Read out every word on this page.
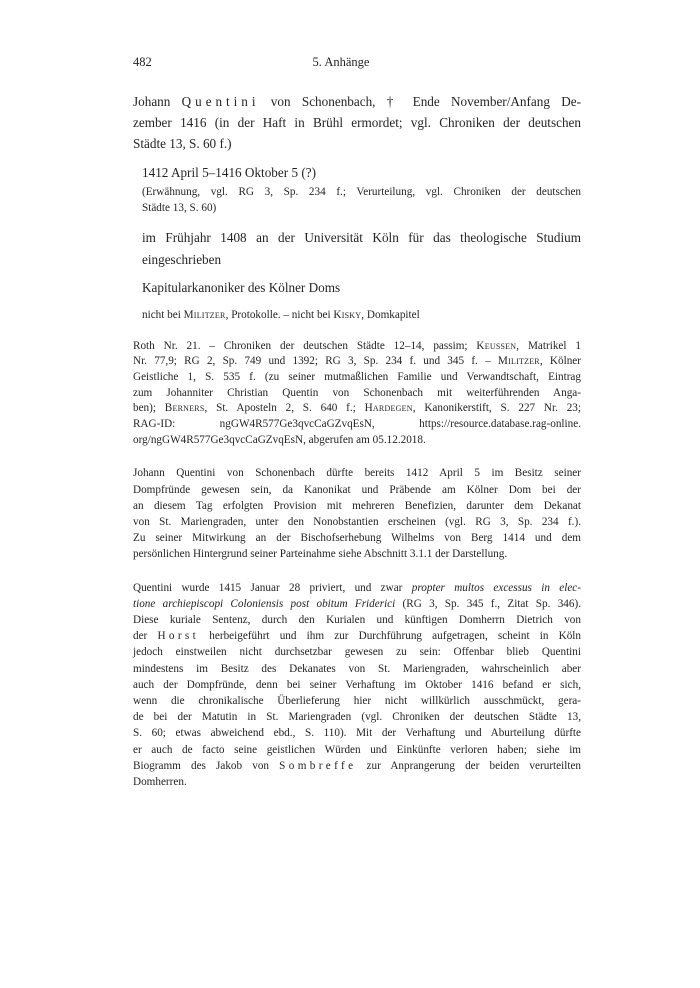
482	5. Anhänge
Johann Quentini von Schonenbach, † Ende November/Anfang De-
zember 1416 (in der Haft in Brühl ermordet; vgl. Chroniken der deutschen
Städte 13, S. 60 f.)
1412 April 5–1416 Oktober 5 (?)
(Erwähnung, vgl. RG 3, Sp. 234 f.; Verurteilung, vgl. Chroniken der deutschen
Städte 13, S. 60)
im Frühjahr 1408 an der Universität Köln für das theologische Studium
eingeschrieben
Kapitularkanoniker des Kölner Doms
nicht bei Militzer, Protokolle. – nicht bei Kisky, Domkapitel
Roth Nr. 21. – Chroniken der deutschen Städte 12–14, passim; Keussen, Matrikel 1
Nr. 77,9; RG 2, Sp. 749 und 1392; RG 3, Sp. 234 f. und 345 f. – Militzer, Kölner
Geistliche 1, S. 535 f. (zu seiner mutmaßlichen Familie und Verwandtschaft, Eintrag
zum Johanniter Christian Quentin von Schonenbach mit weiterführenden Anga-
ben); Berners, St. Aposteln 2, S. 640 f.; Hardegen, Kanonikerstift, S. 227 Nr. 23;
RAG-ID: ngGW4R577Ge3qvcCaGZvqEsN, https://resource.database.rag-online.
org/ngGW4R577Ge3qvcCaGZvqEsN, abgerufen am 05.12.2018.
Johann Quentini von Schonenbach dürfte bereits 1412 April 5 im Besitz seiner
Dompfründe gewesen sein, da Kanonikat und Präbende am Kölner Dom bei der
an diesem Tag erfolgten Provision mit mehreren Benefizien, darunter dem Dekanat
von St. Mariengraden, unter den Nonobstantien erscheinen (vgl. RG 3, Sp. 234 f.).
Zu seiner Mitwirkung an der Bischofserhebung Wilhelms von Berg 1414 und dem
persönlichen Hintergrund seiner Parteinahme siehe Abschnitt 3.1.1 der Darstellung.
Quentini wurde 1415 Januar 28 priviert, und zwar propter multos excessus in elec-
tione archiepiscopi Coloniensis post obitum Friderici (RG 3, Sp. 345 f., Zitat Sp. 346).
Diese kuriale Sentenz, durch den Kurialen und künftigen Domherrn Dietrich von
der Horst herbeigeführt und ihm zur Durchführung aufgetragen, scheint in Köln
jedoch einstweilen nicht durchsetzbar gewesen zu sein: Offenbar blieb Quentini
mindestens im Besitz des Dekanates von St. Mariengraden, wahrscheinlich aber
auch der Dompfründe, denn bei seiner Verhaftung im Oktober 1416 befand er sich,
wenn die chronikalische Überlieferung hier nicht willkürlich ausschmückt, gera-
de bei der Matutin in St. Mariengraden (vgl. Chroniken der deutschen Städte 13,
S. 60; etwas abweichend ebd., S. 110). Mit der Verhaftung und Aburteilung dürfte
er auch de facto seine geistlichen Würden und Einkünfte verloren haben; siehe im
Biogramm des Jakob von Sombreffe zur Anprangerung der beiden verurteilten
Domherren.
